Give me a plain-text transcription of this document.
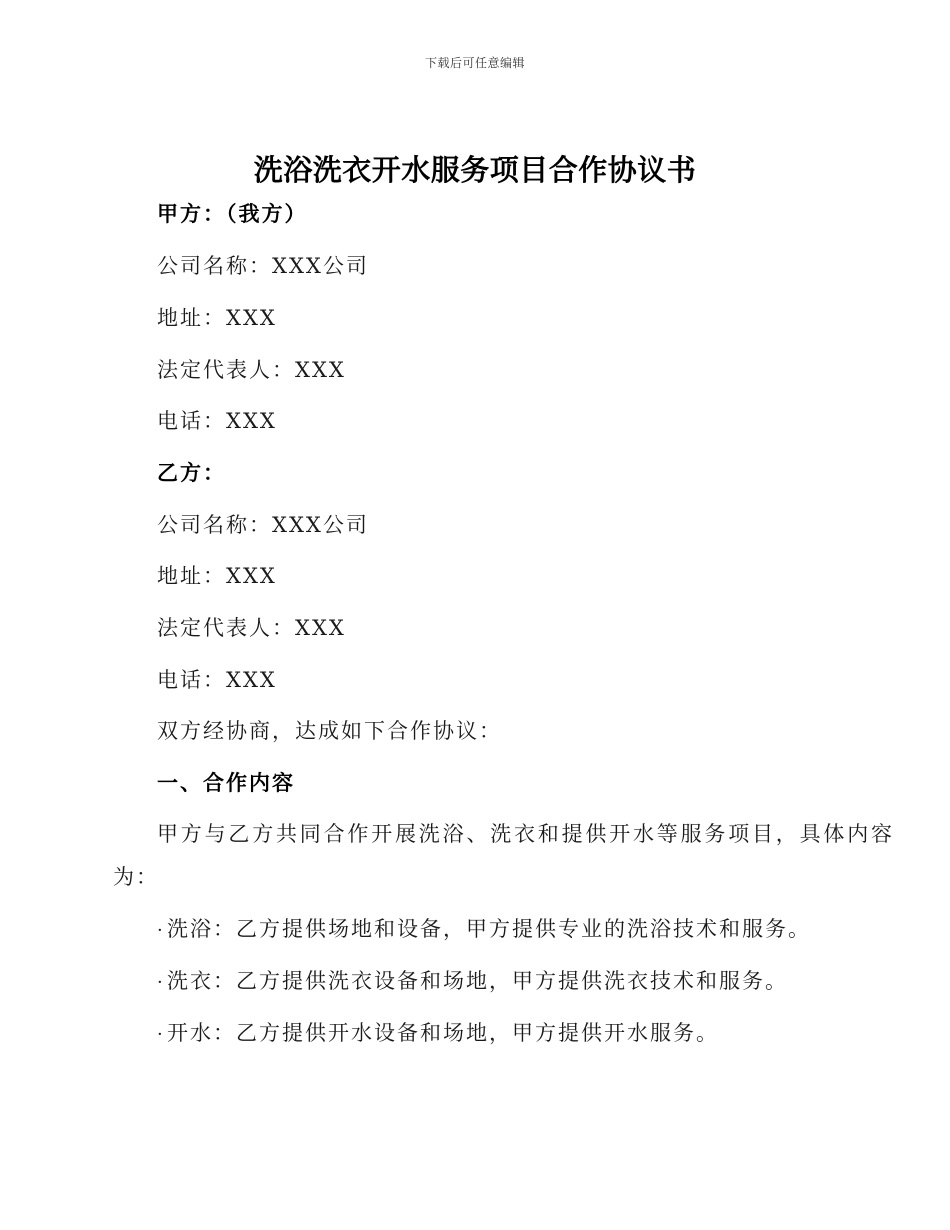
下载后可任意编辑
洗浴洗衣开水服务项目合作协议书
甲方：（我方）
公司名称：XXX公司
地址：XXX
法定代表人：XXX
电话：XXX
乙方：
公司名称：XXX公司
地址：XXX
法定代表人：XXX
电话：XXX
双方经协商，达成如下合作协议：
一、合作内容
甲方与乙方共同合作开展洗浴、洗衣和提供开水等服务项目，具体内容
为：
· 洗浴：乙方提供场地和设备，甲方提供专业的洗浴技术和服务。
· 洗衣：乙方提供洗衣设备和场地，甲方提供洗衣技术和服务。
· 开水：乙方提供开水设备和场地，甲方提供开水服务。
